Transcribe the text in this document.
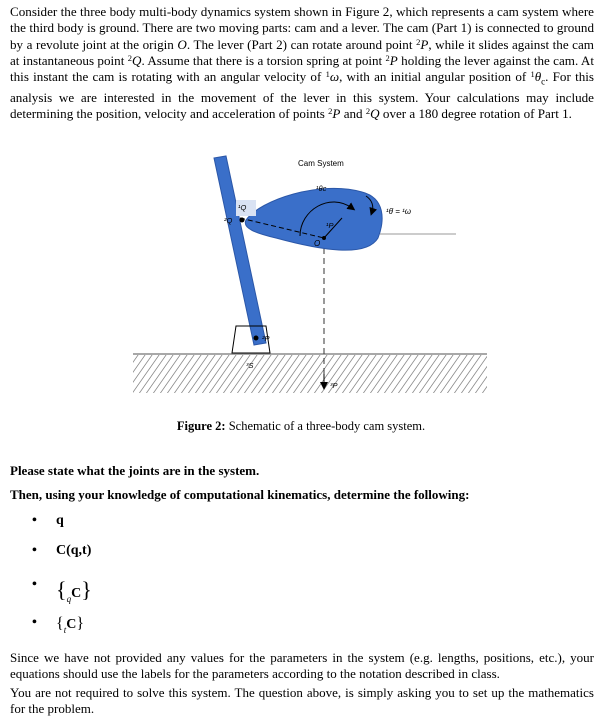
Consider the three body multi-body dynamics system shown in Figure 2, which represents a cam system where the third body is ground. There are two moving parts: cam and a lever. The cam (Part 1) is connected to ground by a revolute joint at the origin O. The lever (Part 2) can rotate around point $^2$P, while it slides against the cam at instantaneous point $^2$Q. Assume that there is a torsion spring at point $^2$P holding the lever against the cam. At this instant the cam is rotating with an angular velocity of $^1$ω, with an initial angular position of $^1\theta_c$. For this analysis we are interested in the movement of the lever in this system. Your calculations may include determining the position, velocity and acceleration of points $^2$P and $^2$Q over a 180 degree rotation of Part 1.

Cam System
¹θc
¹Q
²Q
¹P
O
¹θ̇ = ¹ω
²P
³S
³P
Figure 2: Schematic of a three-body cam system.

Please state what the joints are in the system.

Then, using your knowledge of computational kinematics, determine the following:

• q
• C(q,t)
• $\{_qC\}$
• $\{_tC\}$

Since we have not provided any values for the parameters in the system (e.g. lengths, positions, etc.), your equations should use the labels for the parameters according to the notation described in class.

You are not required to solve this system. The question above, is simply asking you to set up the mathematics for the problem.
